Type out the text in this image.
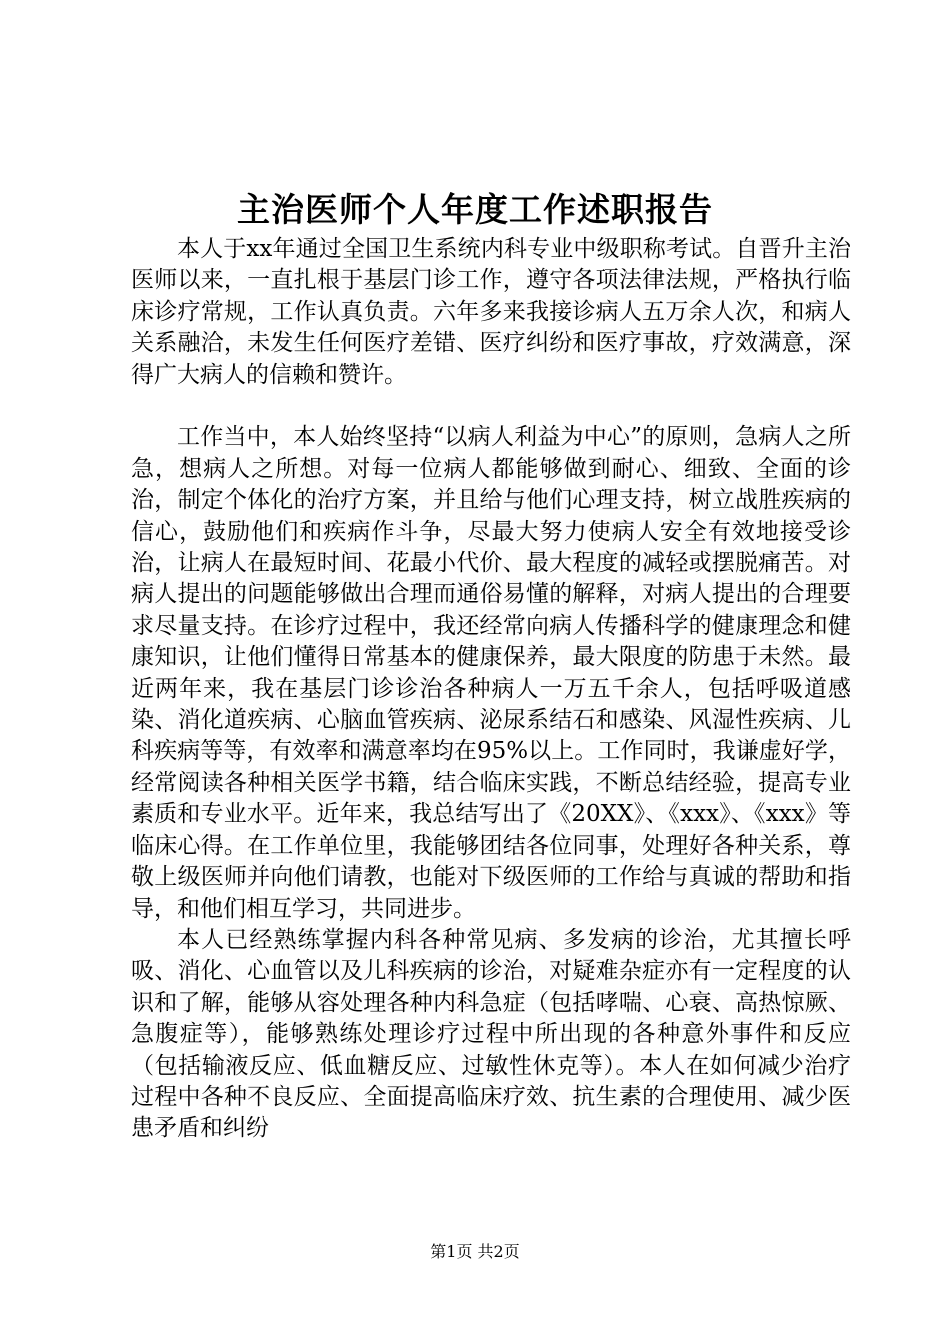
主治医师个人年度工作述职报告

本人于xx年通过全国卫生系统内科专业中级职称考试。自晋升主治医师以来，一直扎根于基层门诊工作，遵守各项法律法规，严格执行临床诊疗常规，工作认真负责。六年多来我接诊病人五万余人次，和病人关系融洽，未发生任何医疗差错、医疗纠纷和医疗事故，疗效满意，深得广大病人的信赖和赞许。

工作当中，本人始终坚持“以病人利益为中心”的原则，急病人之所急，想病人之所想。对每一位病人都能够做到耐心、细致、全面的诊治，制定个体化的治疗方案，并且给与他们心理支持，树立战胜疾病的信心，鼓励他们和疾病作斗争，尽最大努力使病人安全有效地接受诊治，让病人在最短时间、花最小代价、最大程度的减轻或摆脱痛苦。对病人提出的问题能够做出合理而通俗易懂的解释，对病人提出的合理要求尽量支持。在诊疗过程中，我还经常向病人传播科学的健康理念和健康知识，让他们懂得日常基本的健康保养，最大限度的防患于未然。最近两年来，我在基层门诊诊治各种病人一万五千余人，包括呼吸道感染、消化道疾病、心脑血管疾病、泌尿系结石和感染、风湿性疾病、儿科疾病等等，有效率和满意率均在95%以上。工作同时，我谦虚好学，经常阅读各种相关医学书籍，结合临床实践，不断总结经验，提高专业素质和专业水平。近年来，我总结写出了《20XX》、《xxx》、《xxx》等临床心得。在工作单位里，我能够团结各位同事，处理好各种关系，尊敬上级医师并向他们请教，也能对下级医师的工作给与真诚的帮助和指导，和他们相互学习，共同进步。

本人已经熟练掌握内科各种常见病、多发病的诊治，尤其擅长呼吸、消化、心血管以及儿科疾病的诊治，对疑难杂症亦有一定程度的认识和了解，能够从容处理各种内科急症（包括哮喘、心衰、高热惊厥、急腹症等），能够熟练处理诊疗过程中所出现的各种意外事件和反应（包括输液反应、低血糖反应、过敏性休克等）。本人在如何减少治疗过程中各种不良反应、全面提高临床疗效、抗生素的合理使用、减少医患矛盾和纠纷

第1页 共2页
